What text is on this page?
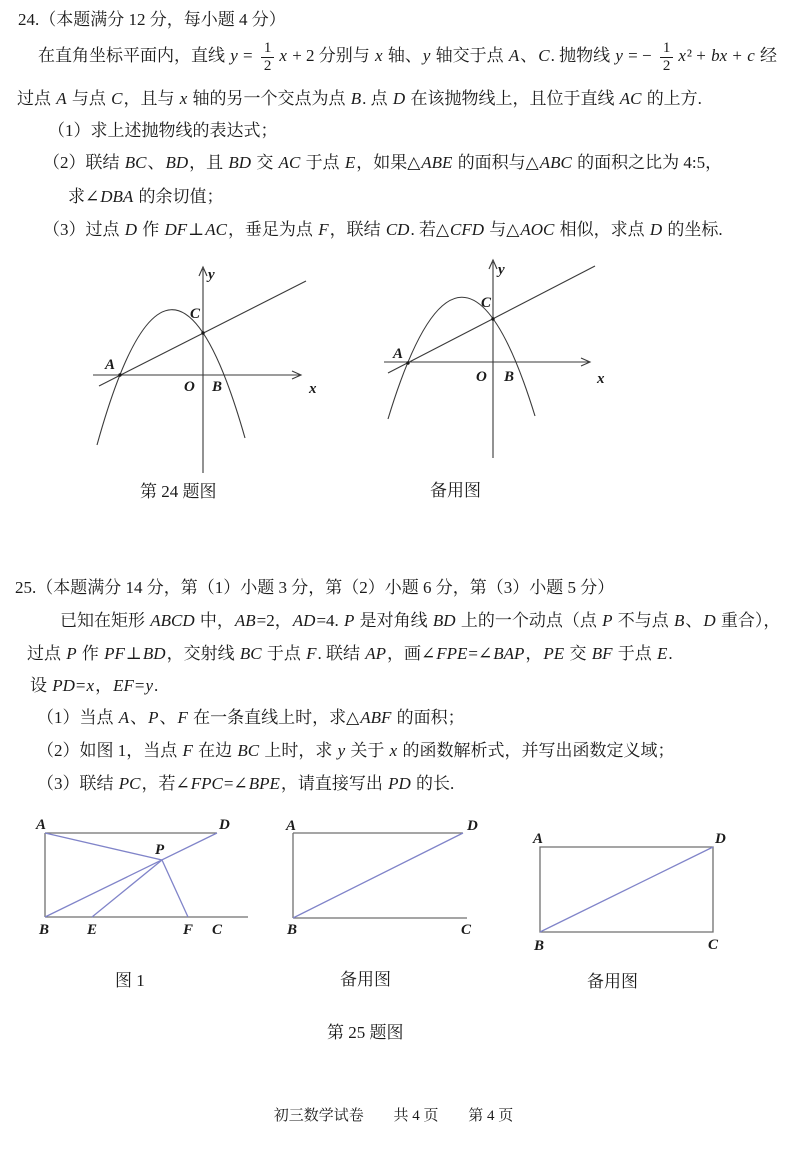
24.（本题满分 12 分，每小题 4 分）
在直角坐标平面内，直线 $y = \frac{1}{2}$ x + 2 分别与 x 轴、y 轴交于点 A、C. 抛物线 y = − $\frac{1}{2} x^2$ + bx + c 经
过点 A 与点 C，且与 x 轴的另一个交点为点 B. 点 D 在该抛物线上，且位于直线 AC 的上方.
（1）求上述抛物线的表达式；
（2）联结 BC、BD，且 BD 交 AC 于点 E，如果△ABE 的面积与△ABC 的面积之比为 4:5，
求∠DBA 的余切值；
（3）过点 D 作 DF⊥AC，垂足为点 F，联结 CD. 若△CFD 与△AOC 相似，求点 D 的坐标.
y
x
O B
C
A
y
x
O B
C
A
第 24 题图	备用图
25.（本题满分 14 分，第（1）小题 3 分，第（2）小题 6 分，第（3）小题 5 分）
已知在矩形 ABCD 中，AB=2，AD=4. P 是对角线 BD 上的一个动点（点 P 不与点 B、D 重合），
过点 P 作 PF⊥BD，交射线 BC 于点 F. 联结 AP，画∠FPE=∠BAP，PE 交 BF 于点 E.
设 PD=x，EF=y.
（1）当点 A、P、F 在一条直线上时，求△ABF 的面积；
（2）如图 1，当点 F 在边 BC 上时，求 y 关于 x 的函数解析式，并写出函数定义域；
（3）联结 PC，若∠FPC=∠BPE，请直接写出 PD 的长.
A	D
P
B	E	F C
A	D
B	C
A	D
B	C
图 1	备用图	备用图
第 25 题图
初三数学试卷 共 4 页 第 4 页
